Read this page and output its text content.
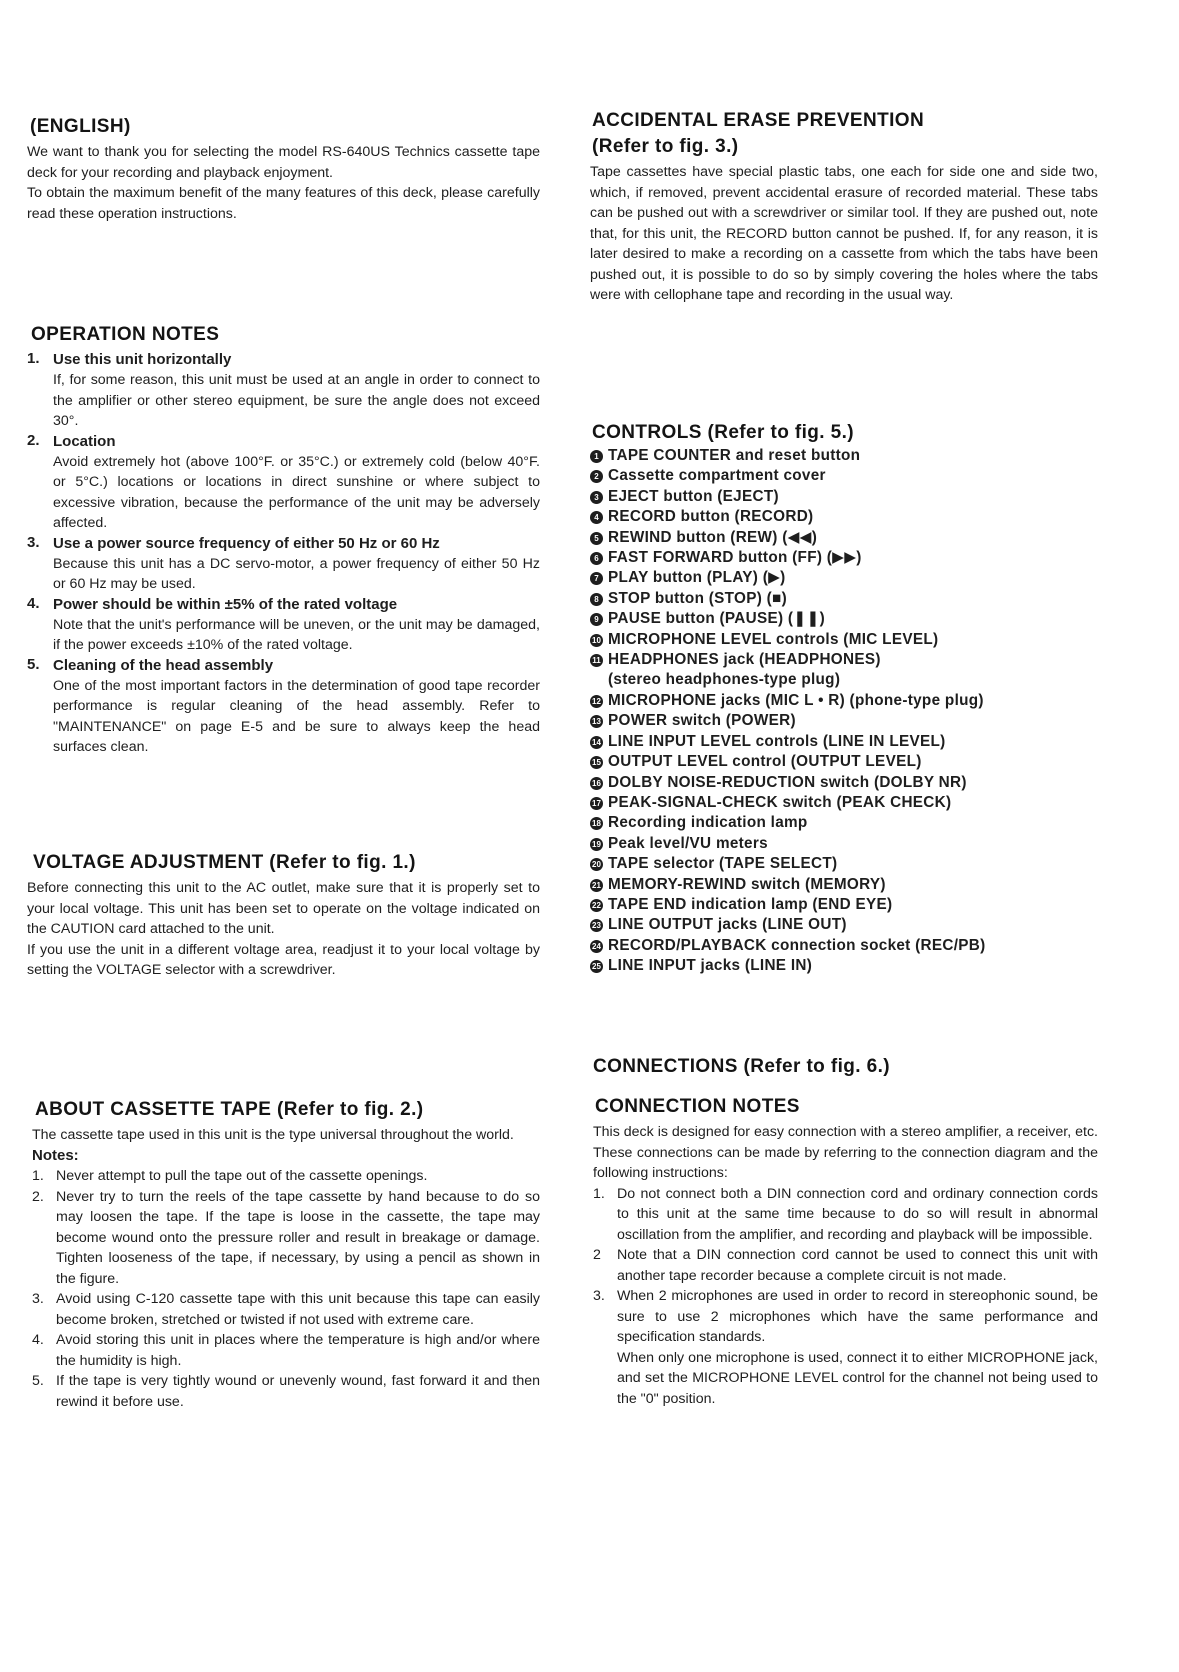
(ENGLISH)

We want to thank you for selecting the model RS-640US Technics cassette tape deck for your recording and playback enjoyment.

To obtain the maximum benefit of the many features of this deck, please carefully read these operation instructions.

OPERATION NOTES
1. Use this unit horizontally

If, for some reason, this unit must be used at an angle in order to connect to the amplifier or other stereo equipment, be sure the angle does not exceed 30°.

2. Location

Avoid extremely hot (above 100°F. or 35°C.) or extremely cold (below 40°F. or 5°C.) locations or locations in direct sunshine or where subject to excessive vibration, because the performance of the unit may be adversely affected.

3. Use a power source frequency of either 50 Hz or 60 Hz

Because this unit has a DC servo-motor, a power frequency of either 50 Hz or 60 Hz may be used.

4. Power should be within ±5% of the rated voltage

Note that the unit's performance will be uneven, or the unit may be damaged, if the power exceeds ±10% of the rated voltage.

5. Cleaning of the head assembly

One of the most important factors in the determination of good tape recorder performance is regular cleaning of the head assembly. Refer to "MAINTENANCE" on page E-5 and be sure to always keep the head surfaces clean.

VOLTAGE ADJUSTMENT (Refer to fig. 1.)

Before connecting this unit to the AC outlet, make sure that it is properly set to your local voltage. This unit has been set to operate on the voltage indicated on the CAUTION card attached to the unit.

If you use the unit in a different voltage area, readjust it to your local voltage by setting the VOLTAGE selector with a screwdriver.

ABOUT CASSETTE TAPE (Refer to fig. 2.)

The cassette tape used in this unit is the type universal throughout the world.

Notes:

1. Never attempt to pull the tape out of the cassette openings.

2. Never try to turn the reels of the tape cassette by hand because to do so may loosen the tape. If the tape is loose in the cassette, the tape may become wound onto the pressure roller and result in breakage or damage. Tighten looseness of the tape, if necessary, by using a pencil as shown in the figure.

3. Avoid using C-120 cassette tape with this unit because this tape can easily become broken, stretched or twisted if not used with extreme care.

4. Avoid storing this unit in places where the temperature is high and/or where the humidity is high.

5. If the tape is very tightly wound or unevenly wound, fast forward it and then rewind it before use.

ACCIDENTAL ERASE PREVENTION
(Refer to fig. 3.)

Tape cassettes have special plastic tabs, one each for side one and side two, which, if removed, prevent accidental erasure of recorded material. These tabs can be pushed out with a screwdriver or similar tool. If they are pushed out, note that, for this unit, the RECORD button cannot be pushed. If, for any reason, it is later desired to make a recording on a cassette from which the tabs have been pushed out, it is possible to do so by simply covering the holes where the tabs were with cellophane tape and recording in the usual way.

CONTROLS (Refer to fig. 5.)
1 TAPE COUNTER and reset button
2 Cassette compartment cover
3 EJECT button (EJECT)
4 RECORD button (RECORD)
5 REWIND button (REW) (◀◀)
6 FAST FORWARD button (FF) (▶▶)
7 PLAY button (PLAY) (▶)
8 STOP button (STOP) (■)
9 PAUSE button (PAUSE) (❚❚)
10 MICROPHONE LEVEL controls (MIC LEVEL)
11 HEADPHONES jack (HEADPHONES)
(stereo headphones-type plug)
12 MICROPHONE jacks (MIC L • R) (phone-type plug)
13 POWER switch (POWER)
14 LINE INPUT LEVEL controls (LINE IN LEVEL)
15 OUTPUT LEVEL control (OUTPUT LEVEL)
16 DOLBY NOISE-REDUCTION switch (DOLBY NR)
17 PEAK-SIGNAL-CHECK switch (PEAK CHECK)
18 Recording indication lamp
19 Peak level/VU meters
20 TAPE selector (TAPE SELECT)
21 MEMORY-REWIND switch (MEMORY)
22 TAPE END indication lamp (END EYE)
23 LINE OUTPUT jacks (LINE OUT)
24 RECORD/PLAYBACK connection socket (REC/PB)
25 LINE INPUT jacks (LINE IN)
CONNECTIONS (Refer to fig. 6.)
CONNECTION NOTES

This deck is designed for easy connection with a stereo amplifier, a receiver, etc. These connections can be made by referring to the connection diagram and the following instructions:

1. Do not connect both a DIN connection cord and ordinary connection cords to this unit at the same time because to do so will result in abnormal oscillation from the amplifier, and recording and playback will be impossible.

2 Note that a DIN connection cord cannot be used to connect this unit with another tape recorder because a complete circuit is not made.

3. When 2 microphones are used in order to record in stereophonic sound, be sure to use 2 microphones which have the same performance and specification standards.

When only one microphone is used, connect it to either MICROPHONE jack, and set the MICROPHONE LEVEL control for the channel not being used to the "0" position.
